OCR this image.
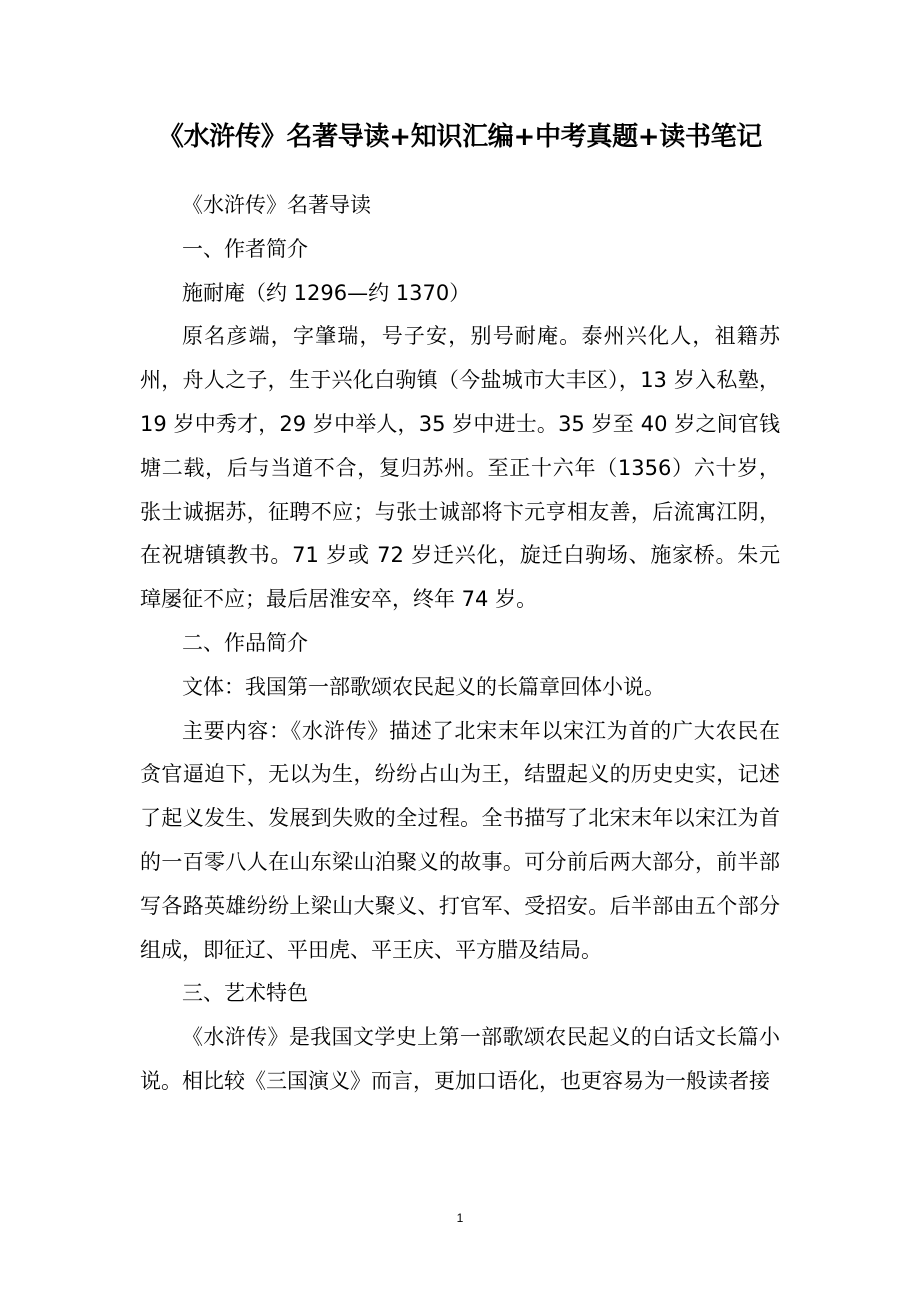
《水浒传》名著导读+知识汇编+中考真题+读书笔记

《水浒传》名著导读

一、作者简介

施耐庵（约 1296—约 1370）

原名彦端，字肇瑞，号子安，别号耐庵。泰州兴化人，祖籍苏州，舟人之子，生于兴化白驹镇（今盐城市大丰区），13 岁入私塾，19 岁中秀才，29 岁中举人，35 岁中进士。35 岁至 40 岁之间官钱塘二载，后与当道不合，复归苏州。至正十六年（1356）六十岁，张士诚据苏，征聘不应；与张士诚部将卞元亨相友善，后流寓江阴，在祝塘镇教书。71 岁或 72 岁迁兴化，旋迁白驹场、施家桥。朱元璋屡征不应；最后居淮安卒，终年 74 岁。

二、作品简介

文体：我国第一部歌颂农民起义的长篇章回体小说。

主要内容：《水浒传》描述了北宋末年以宋江为首的广大农民在贪官逼迫下，无以为生，纷纷占山为王，结盟起义的历史史实，记述了起义发生、发展到失败的全过程。全书描写了北宋末年以宋江为首的一百零八人在山东梁山泊聚义的故事。可分前后两大部分，前半部写各路英雄纷纷上梁山大聚义、打官军、受招安。后半部由五个部分组成，即征辽、平田虎、平王庆、平方腊及结局。

三、艺术特色

《水浒传》是我国文学史上第一部歌颂农民起义的白话文长篇小说。相比较《三国演义》而言，更加口语化，也更容易为一般读者接

1
